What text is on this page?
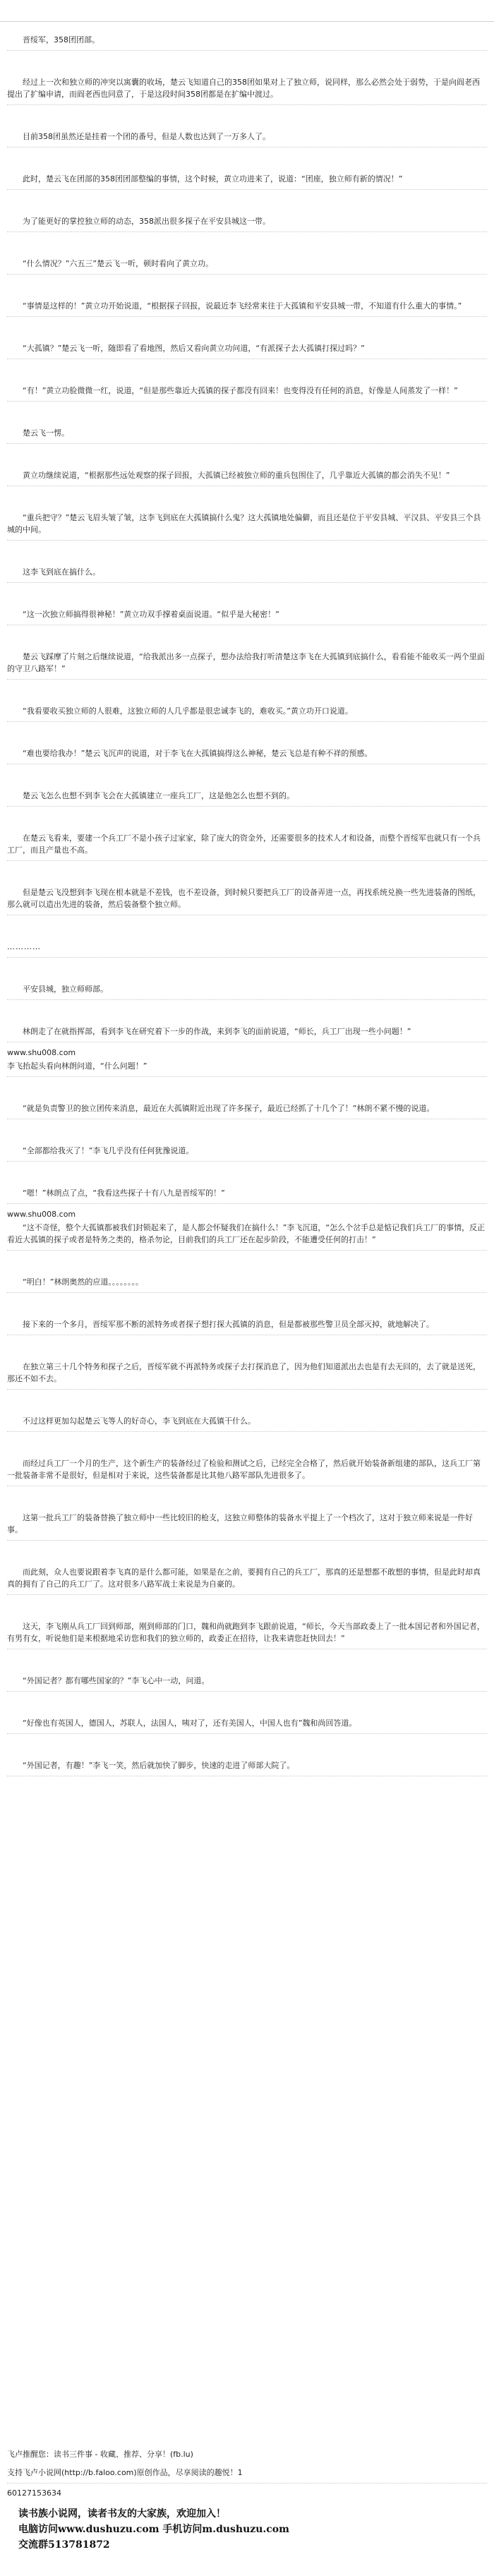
晋绥军，358团团部。

经过上一次和独立师的冲突以寓囊的收场，楚云飞知道自己的358团如果对上了独立师，说同样，那么必然会处于弱势，于是向阎老西提出了扩编申请，而阎老西也同意了，于是这段时间358团都是在扩编中渡过。

目前358团虽然还是挂着一个团的番号，但是人数也达到了一万多人了。

此时，楚云飞在团部的358团团部整编的事情，这个时候，黄立功进来了，说道：“团座，独立师有新的情况！”

为了能更好的掌控独立师的动态，358派出很多探子在平安县城这一带。

“什么情况？”六五三”楚云飞一听，顿时看向了黄立功。

“事情是这样的！”黄立功开始说道，“根据探子回报，说最近李飞经常来往于大孤镇和平安县城一带，不知道有什么重大的事情。”

“大孤镇？”楚云飞一听，随即看了看地图，然后又看向黄立功问道，“有派探子去大孤镇打探过吗？”

“有！”黄立功脸微微一红，说道，“但是那些靠近大孤镇的探子都没有回来！也变得没有任何的消息，好像是人间蒸发了一样！”

楚云飞一愣。

黄立功继续说道，“根据那些远处观察的探子回报，大孤镇已经被独立师的重兵包围住了，几乎靠近大孤镇的都会消失不见！”

“重兵把守？”楚云飞眉头皱了皱，这李飞到底在大孤镇搞什么鬼？这大孤镇地处偏僻，而且还是位于平安县城、平汉县、平安县三个县城的中间。

这李飞到底在搞什么。

“这一次独立师搞得很神秘！”黄立功双手撑着桌面说道。“似乎是大秘密！”

楚云飞踩摩了片刻之后继续说道，“给我派出多一点探子，想办法给我打听清楚这李飞在大孤镇到底搞什么，看看能不能收买一两个里面的守卫八路军！”

“我看要收买独立师的人很难，这独立师的人几乎都是很忠诚李飞的，难收买。”黄立功开口说道。

“难也要给我办！”楚云飞沉声的说道，对于李飞在大孤镇搞得这么神秘，楚云飞总是有种不祥的预感。

楚云飞怎么也想不到李飞会在大孤镇建立一座兵工厂，这是他怎么也想不到的。

在楚云飞看来，要建一个兵工厂不是小孩子过家家，除了庞大的资金外，还需要很多的技术人才和设备，而整个晋绥军也就只有一个兵工厂，而且产量也不高。

但是楚云飞没想到李飞现在根本就是不差钱，也不差设备，到时候只要把兵工厂的设备弄进一点，再找系统兑换一些先进装备的图纸，那么就可以造出先进的装备，然后装备整个独立师。

…………

平安县城，独立师师部。

林朗走了在就指挥部，看到李飞在研究着下一步的作战，来到李飞的面前说道，“师长，兵工厂出现一些小问题！”

www.shu008.com

李飞抬起头看向林朗问道，“什么问题！”

“就是负责警卫的独立团传来消息，最近在大孤镇附近出现了许多探子，最近已经抓了十几个了！”林朗不紧不慢的说道。

“全部都给我灭了！”李飞几乎没有任何犹豫说道。

“嗯！”林朗点了点，“我看这些探子十有八九是晋绥军的！”

www.shu008.com

“这不奇怪，整个大孤镇都被我们封锁起来了，是人都会怀疑我们在搞什么！”李飞沉道，“怎么个岔手总是惦记我们兵工厂的事情，反正看近大孤镇的探子或者是特务之类的，格杀勿论，目前我们的兵工厂还在起步阶段，不能遭受任何的打击！”

“明白！”林朗奥然的应道。。。。。。。。

接下来的一个多月，晋绥军那不断的派特务或者探子想打探大孤镇的消息，但是都被那些警卫员全部灭掉，就地解决了。

在独立第三十几个特务和探子之后，晋绥军就不再派特务或探子去打探消息了，因为他们知道派出去也是有去无回的，去了就是送死，那还不如不去。

不过这样更加勾起楚云飞等人的好奇心，李飞到底在大孤镇干什么。

而经过兵工厂一个月的生产，这个新生产的装备经过了检验和测试之后，已经完全合格了，然后就开始装备新组建的部队，这兵工厂第一批装备非常不是很好，但是相对于来说，这些装备都是比其他八路军部队先进很多了。

这第一批兵工厂的装备替换了独立师中一些比较旧的枪支，这独立师整体的装备水平提上了一个档次了，这对于独立师来说是一件好事。

而此刻，众人也要说跟着李飞真的是什么都可能，如果是在之前，要拥有自己的兵工厂，那真的还是想都不敢想的事情，但是此时却真真的拥有了自己的兵工厂了。这对很多八路军战士来说是为自豪的。

这天，李飞刚从兵工厂回到师部，刚到师部的门口，魏和尚就跑到李飞跟前说道，“师长，今天当部政委上了一批本国记者和外国记者，有男有女，听说他们是来根据地采访您和我们的独立师的，政委正在招待，让我来请您赶快回去！”

“外国记者？都有哪些国家的？”李飞心中一动，问道。

“好像也有英国人，德国人，苏联人，法国人，咦对了，还有美国人，中国人也有”魏和尚回答道。

“外国记者，有趣！”李飞一笑，然后就加快了脚步，快速的走进了师部大院了。

飞卢推醒您：读书三件事 - 收藏、推荐、分享！(fb.lu)
支持飞卢小说网(http://b.faloo.com)原创作品，尽享阅读的趣悦！1
60127153634
读书族小说网，读者书友的大家族，欢迎加入！
电脑访问www.dushuzu.com 手机访问m.dushuzu.com
交流群513781872
